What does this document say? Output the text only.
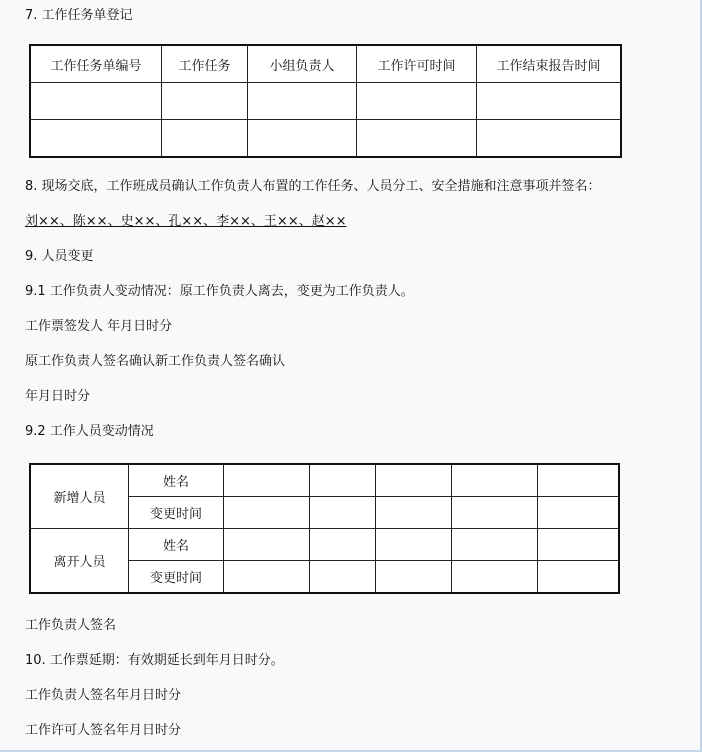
7. 工作任务单登记
工作任务单编号	工作任务	小组负责人	工作许可时间	工作结束报告时间

8. 现场交底，工作班成员确认工作负责人布置的工作任务、人员分工、安全措施和注意事项并签名：
刘××、陈××、史××、孔××、李××、王××、赵××
9. 人员变更
9.1 工作负责人变动情况：原工作负责人离去，变更为工作负责人。
工作票签发人 年月日时分
原工作负责人签名确认新工作负责人签名确认
年月日时分
9.2 工作人员变动情况
新增人员	姓名					
	变更时间					
离开人员	姓名					
	变更时间					
工作负责人签名
10. 工作票延期：有效期延长到年月日时分。
工作负责人签名年月日时分
工作许可人签名年月日时分
